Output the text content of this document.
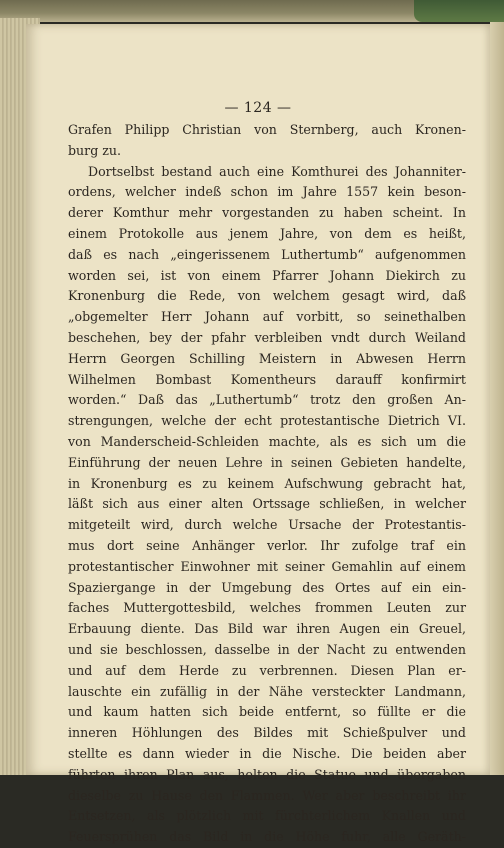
— 124 —
Grafen Philipp Christian von Sternberg, auch Kronen-
burg zu.
Dortselbst bestand auch eine Komthurei des Johanniter-
ordens, welcher indeß schon im Jahre 1557 kein beson-
derer Komthur mehr vorgestanden zu haben scheint. In
einem Protokolle aus jenem Jahre, von dem es heißt,
daß es nach „eingerissenem Luthertumb“ aufgenommen
worden sei, ist von einem Pfarrer Johann Diekirch zu
Kronenburg die Rede, von welchem gesagt wird, daß
„obgemelter Herr Johann auf vorbitt, so seinethalben
beschehen, bey der pfahr verbleiben vndt durch Weiland
Herrn Georgen Schilling Meistern in Abwesen Herrn
Wilhelmen Bombast Komentheurs darauff konfirmirt
worden.“ Daß das „Luthertumb“ trotz den großen An-
strengungen, welche der echt protestantische Dietrich VI.
von Manderscheid-Schleiden machte, als es sich um die
Einführung der neuen Lehre in seinen Gebieten handelte,
in Kronenburg es zu keinem Aufschwung gebracht hat,
läßt sich aus einer alten Ortssage schließen, in welcher
mitgeteilt wird, durch welche Ursache der Protestantis-
mus dort seine Anhänger verlor. Ihr zufolge traf ein
protestantischer Einwohner mit seiner Gemahlin auf einem
Spaziergange in der Umgebung des Ortes auf ein ein-
faches Muttergottesbild, welches frommen Leuten zur
Erbauung diente. Das Bild war ihren Augen ein Greuel,
und sie beschlossen, dasselbe in der Nacht zu entwenden
und auf dem Herde zu verbrennen. Diesen Plan er-
lauschte ein zufällig in der Nähe versteckter Landmann,
und kaum hatten sich beide entfernt, so füllte er die
inneren Höhlungen des Bildes mit Schießpulver und
stellte es dann wieder in die Nische. Die beiden aber
führten ihren Plan aus, holten die Statue und übergaben
dieselbe zu Hause den Flammen. Wer aber beschreibt ihr
Entsetzen, als plötzlich mit fürchterlichem Knallen und
Feuersprühen das Bild in die Höhe fuhr, alle Geräth-
